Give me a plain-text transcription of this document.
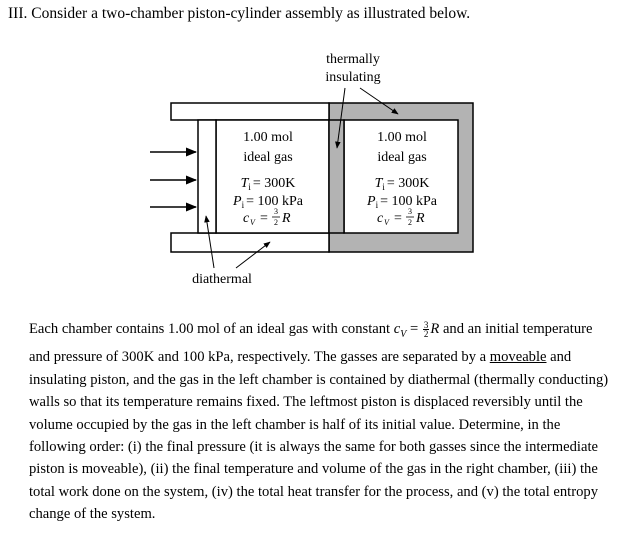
III. Consider a two-chamber piston-cylinder assembly as illustrated below.
thermally
insulating
diathermal
1.00 mol
ideal gas
$T_i = 300K$
$P_i = 100$ kPa
c V = 3
2 R
1.00 mol
ideal gas
$T_i = 300K$
$P_i = 100$ kPa
c V = 3
2 R
Each chamber contains 1.00 mol of an ideal gas with constant $c_V = \frac{3}{2}$ R and an initial temperature and pressure of 300K and 100 kPa, respectively. The gasses are separated by a moveable and insulating piston, and the gas in the left chamber is contained by diathermal (thermally conducting) walls so that its temperature remains fixed. The leftmost piston is displaced reversibly until the volume occupied by the gas in the left chamber is half of its initial value. Determine, in the following order: (i) the final pressure (it is always the same for both gasses since the intermediate piston is moveable), (ii) the final temperature and volume of the gas in the right chamber, (iii) the total work done on the system, (iv) the total heat transfer for the process, and (v) the total entropy change of the system.
